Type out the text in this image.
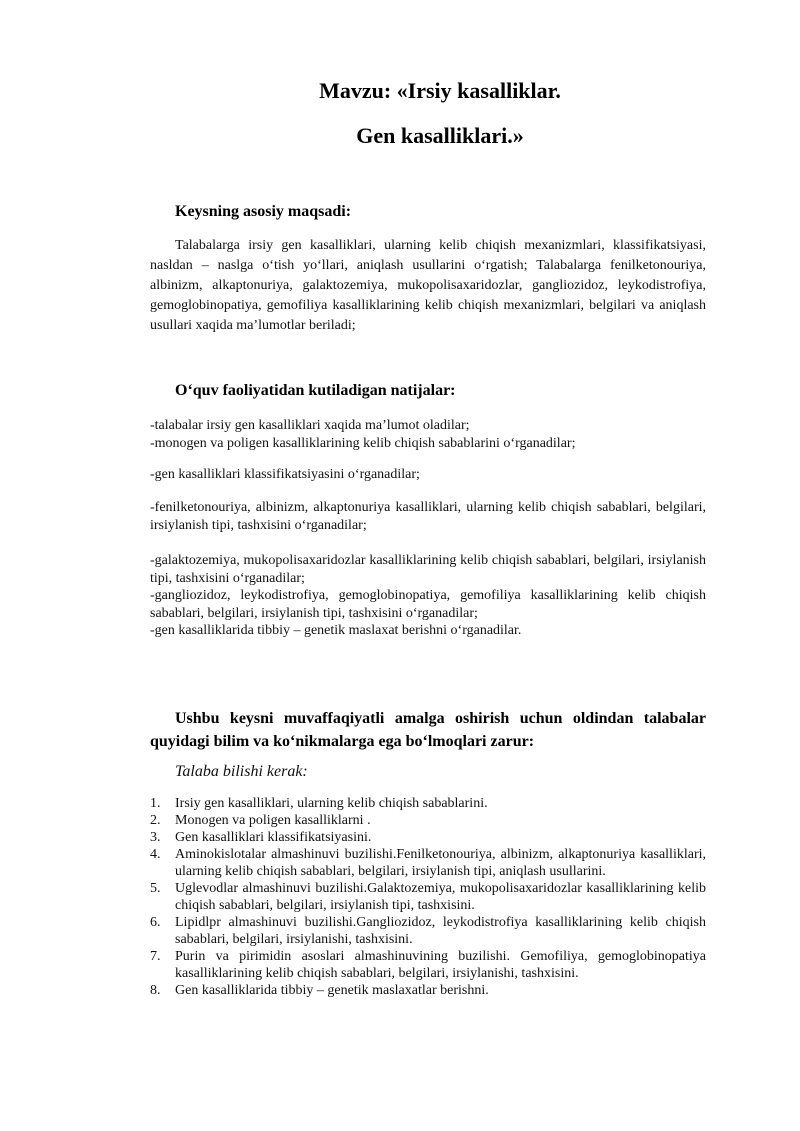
Mavzu: «Irsiy kasalliklar.
Gen kasalliklari.»
Keysning asosiy maqsadi:

Talabalarga irsiy gen kasalliklari, ularning kelib chiqish mexanizmlari, klassifikatsiyasi, nasldan – naslga o‘tish yo‘llari, aniqlash usullarini o‘rgatish; Talabalarga fenilketonouriya, albinizm, alkaptonuriya, galaktozemiya, mukopolisaxaridozlar, gangliozidoz, leykodistrofiya, gemoglobinopatiya, gemofiliya kasalliklarining kelib chiqish mexanizmlari, belgilari va aniqlash usullari xaqida ma’lumotlar beriladi;

O‘quv faoliyatidan kutiladigan natijalar:

-talabalar irsiy gen kasalliklari xaqida ma’lumot oladilar;

-monogen va poligen kasalliklarining kelib chiqish sabablarini o‘rganadilar;

-gen kasalliklari klassifikatsiyasini o‘rganadilar;

-fenilketonouriya, albinizm, alkaptonuriya kasalliklari, ularning kelib chiqish sabablari, belgilari, irsiylanish tipi, tashxisini o‘rganadilar;

-galaktozemiya, mukopolisaxaridozlar kasalliklarining kelib chiqish sabablari, belgilari, irsiylanish tipi, tashxisini o‘rganadilar;

-gangliozidoz, leykodistrofiya, gemoglobinopatiya, gemofiliya kasalliklarining kelib chiqish sabablari, belgilari, irsiylanish tipi, tashxisini o‘rganadilar;

-gen kasalliklarida tibbiy – genetik maslaxat berishni o‘rganadilar.

Ushbu keysni muvaffaqiyatli amalga oshirish uchun oldindan talabalar quyidagi bilim va ko‘nikmalarga ega bo‘lmoqlari zarur:

Talaba bilishi kerak:
1. Irsiy gen kasalliklari, ularning kelib chiqish sabablarini.
2. Monogen va poligen kasalliklarni .
3. Gen kasalliklari klassifikatsiyasini.
4. Aminokislotalar almashinuvi buzilishi.Fenilketonouriya, albinizm, alkaptonuriya kasalliklari, ularning kelib chiqish sabablari, belgilari, irsiylanish tipi, aniqlash usullarini.
5. Uglevodlar almashinuvi buzilishi.Galaktozemiya, mukopolisaxaridozlar kasalliklarining kelib chiqish sabablari, belgilari, irsiylanish tipi, tashxisini.
6. Lipidlpr almashinuvi buzilishi.Gangliozidoz, leykodistrofiya kasalliklarining kelib chiqish sabablari, belgilari, irsiylanishi, tashxisini.
7. Purin va pirimidin asoslari almashinuvining buzilishi. Gemofiliya, gemoglobinopatiya kasalliklarining kelib chiqish sabablari, belgilari, irsiylanishi, tashxisini.
8. Gen kasalliklarida tibbiy – genetik maslaxatlar berishni.
